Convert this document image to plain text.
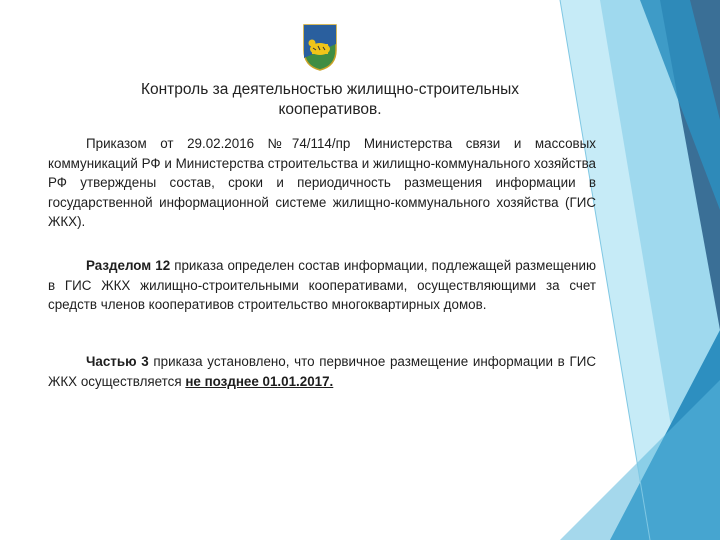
Контроль за деятельностью жилищно-строительных
кооперативов.

Приказом от 29.02.2016 №74/114/пр Министерства связи и массовых коммуникаций РФ и Министерства строительства и жилищно-коммунального хозяйства РФ утверждены состав, сроки и периодичность размещения информации в государственной информационной системе жилищно-коммунального хозяйства (ГИС ЖКХ).

Разделом 12 приказа определен состав информации, подлежащей размещению в ГИС ЖКХ жилищно-строительными кооперативами, осуществляющими за счет средств членов кооперативов строительство многоквартирных домов.

Частью 3 приказа установлено, что первичное размещение информации в ГИС ЖКХ осуществляется не позднее 01.01.2017.
